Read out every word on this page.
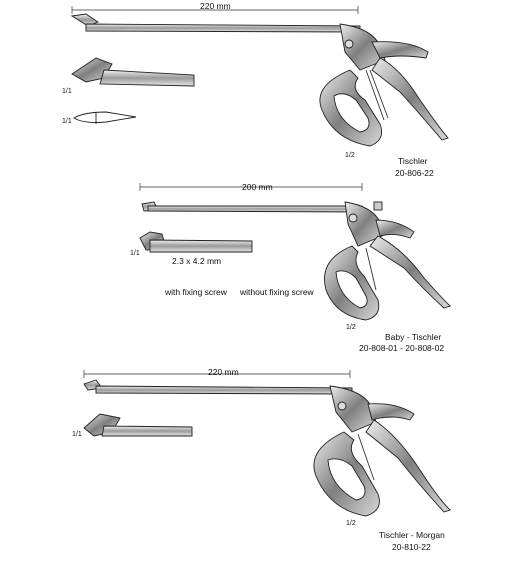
220 mm
1/1
1/1
1/2
Tischler
20-806-22
200 mm
1/1
2.3 x 4.2 mm
with fixing screw without fixing screw
1/2
Baby - Tischler
20-808-01 - 20-808-02
220 mm
1/1
1/2
Tischler - Morgan
20-810-22
